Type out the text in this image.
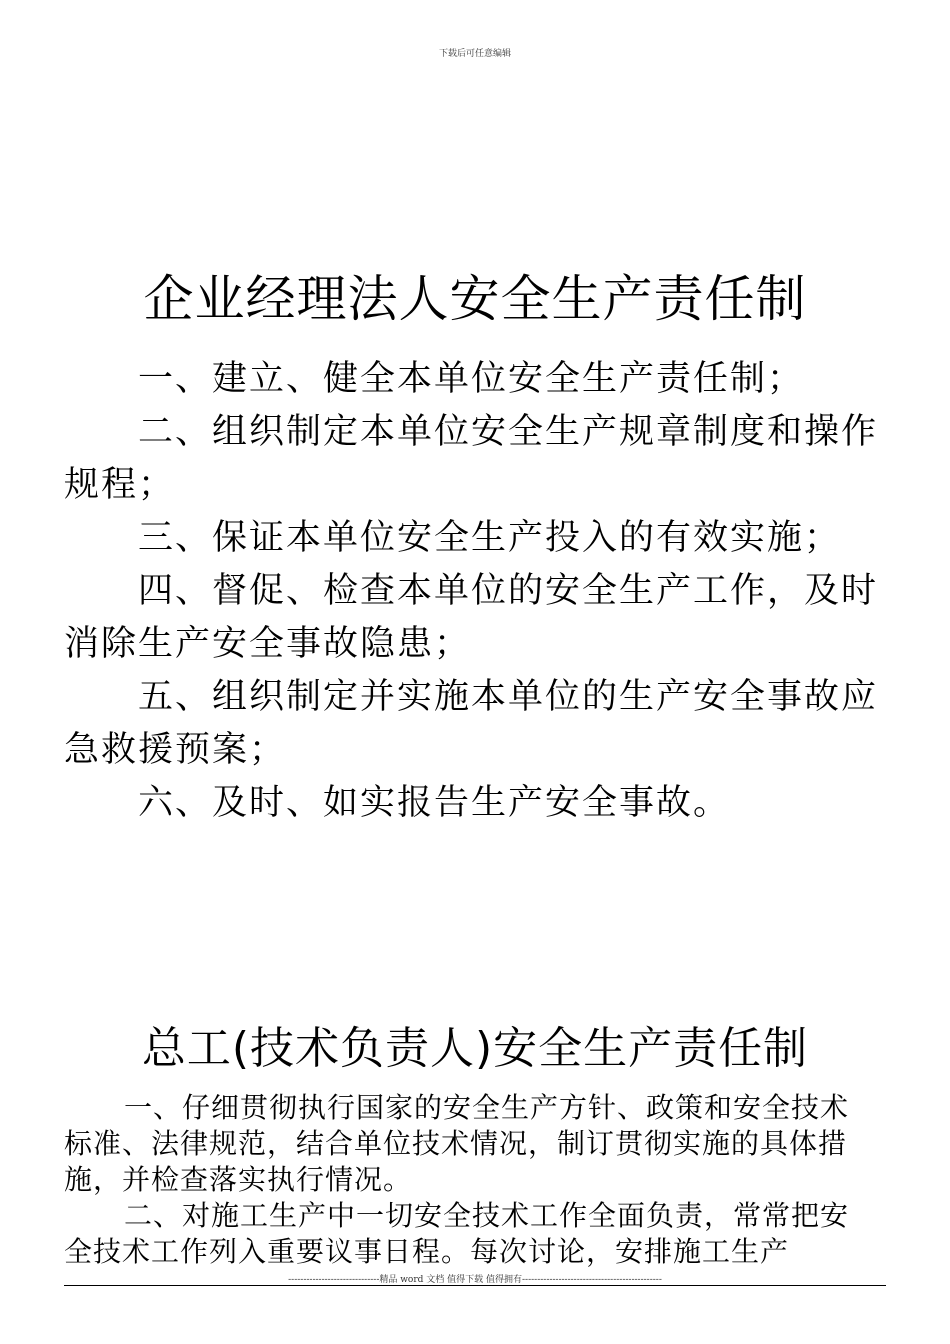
下载后可任意编辑
企业经理法人安全生产责任制

一、建立、健全本单位安全生产责任制；

二、组织制定本单位安全生产规章制度和操作规程；

三、保证本单位安全生产投入的有效实施；

四、督促、检查本单位的安全生产工作，及时消除生产安全事故隐患；

五、组织制定并实施本单位的生产安全事故应急救援预案；

六、及时、如实报告生产安全事故。

总工(技术负责人)安全生产责任制

一、仔细贯彻执行国家的安全生产方针、政策和安全技术标准、法律规范，结合单位技术情况，制订贯彻实施的具体措施，并检查落实执行情况。

二、对施工生产中一切安全技术工作全面负责，常常把安全技术工作列入重要议事日程。每次讨论，安排施工生产

------------------------------精品 word 文档 值得下载 值得拥有----------------------------------------------
